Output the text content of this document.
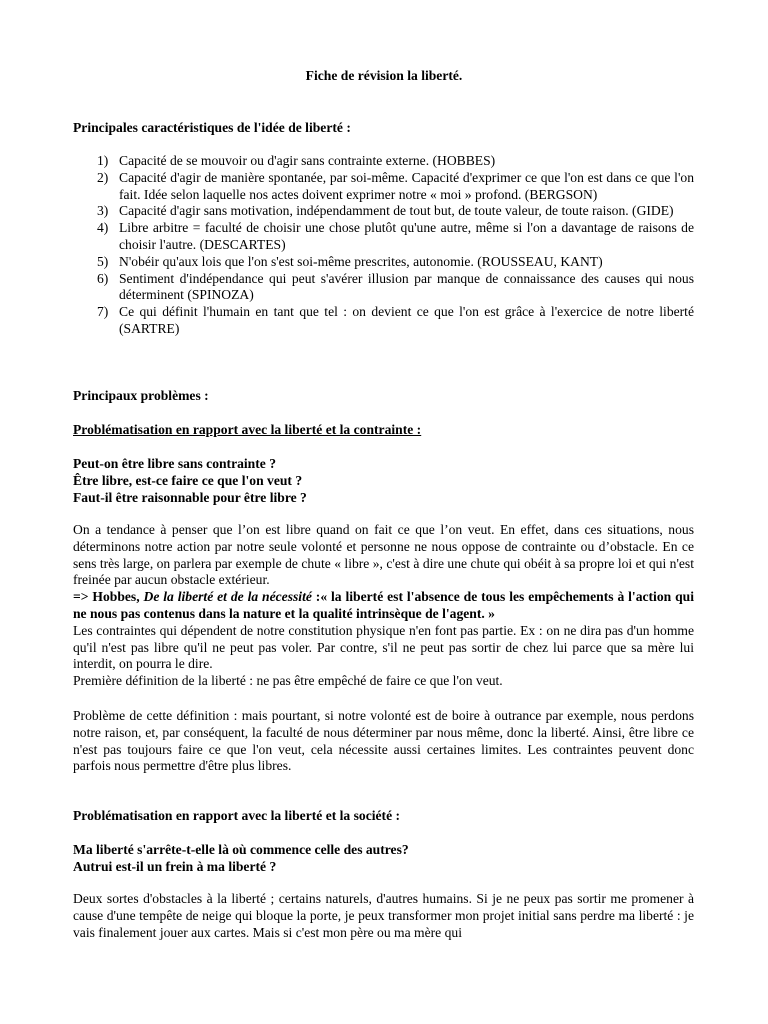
Fiche de révision la liberté.
Principales caractéristiques de l'idée de liberté :
1) Capacité de se mouvoir ou d'agir sans contrainte externe. (HOBBES)
2) Capacité d'agir de manière spontanée, par soi-même. Capacité d'exprimer ce que l'on est dans ce que l'on fait. Idée selon laquelle nos actes doivent exprimer notre « moi » profond. (BERGSON)
3) Capacité d'agir sans motivation, indépendamment de tout but, de toute valeur, de toute raison. (GIDE)
4) Libre arbitre = faculté de choisir une chose plutôt qu'une autre, même si l'on a davantage de raisons de choisir l'autre. (DESCARTES)
5) N'obéir qu'aux lois que l'on s'est soi-même prescrites, autonomie. (ROUSSEAU, KANT)
6) Sentiment d'indépendance qui peut s'avérer illusion par manque de connaissance des causes qui nous déterminent (SPINOZA)
7) Ce qui définit l'humain en tant que tel : on devient ce que l'on est grâce à l'exercice de notre liberté (SARTRE)
Principaux problèmes :
Problématisation en rapport avec la liberté et la contrainte :
Peut-on être libre sans contrainte ?
Être libre, est-ce faire ce que l'on veut ?
Faut-il être raisonnable pour être libre ?

On a tendance à penser que l’on est libre quand on fait ce que l’on veut. En effet, dans ces situations, nous déterminons notre action par notre seule volonté et personne ne nous oppose de contrainte ou d’obstacle. En ce sens très large, on parlera par exemple de chute « libre », c'est à dire une chute qui obéit à sa propre loi et qui n'est freinée par aucun obstacle extérieur.

=> Hobbes, De la liberté et de la nécessité :« la liberté est l'absence de tous les empêchements à l'action qui ne nous pas contenus dans la nature et la qualité intrinsèque de l'agent. »

Les contraintes qui dépendent de notre constitution physique n'en font pas partie. Ex : on ne dira pas d'un homme qu'il n'est pas libre qu'il ne peut pas voler. Par contre, s'il ne peut pas sortir de chez lui parce que sa mère lui interdit, on pourra le dire.

Première définition de la liberté : ne pas être empêché de faire ce que l'on veut.

Problème de cette définition : mais pourtant, si notre volonté est de boire à outrance par exemple, nous perdons notre raison, et, par conséquent, la faculté de nous déterminer par nous même, donc la liberté. Ainsi, être libre ce n'est pas toujours faire ce que l'on veut, cela nécessite aussi certaines limites. Les contraintes peuvent donc parfois nous permettre d'être plus libres.
Problématisation en rapport avec la liberté et la société :
Ma liberté s'arrête-t-elle là où commence celle des autres?
Autrui est-il un frein à ma liberté ?
Deux sortes d'obstacles à la liberté ; certains naturels, d'autres humains. Si je ne peux pas sortir me promener à cause d'une tempête de neige qui bloque la porte, je peux transformer mon projet initial sans perdre ma liberté : je vais finalement jouer aux cartes. Mais si c'est mon père ou ma mère qui
